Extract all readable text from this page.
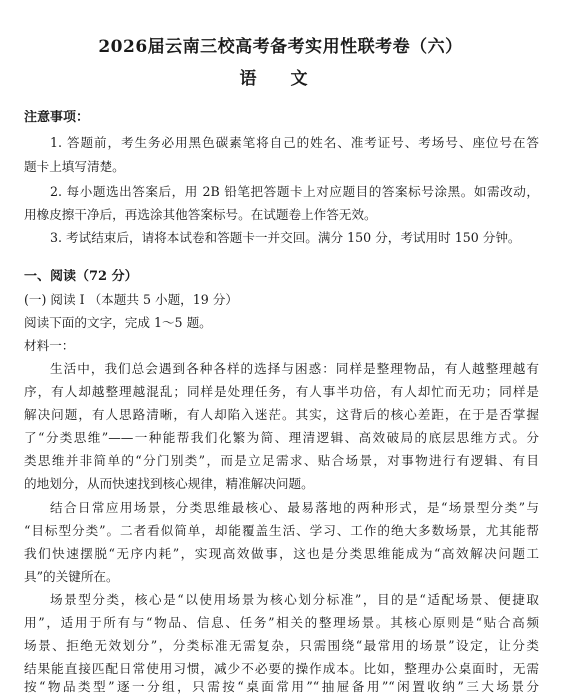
2026届云南三校高考备考实用性联考卷（六）
语 文
注意事项：
1. 答题前，考生务必用黑色碳素笔将自己的姓名、准考证号、考场号、座位号在答
题卡上填写清楚。
2. 每小题选出答案后，用 2B 铅笔把答题卡上对应题目的答案标号涂黑。如需改动，
用橡皮擦干净后，再选涂其他答案标号。在试题卷上作答无效。
3. 考试结束后，请将本试卷和答题卡一并交回。满分 150 分，考试用时 150 分钟。
一、阅读（72 分）
(一) 阅读 I （本题共 5 小题，19 分）
阅读下面的文字，完成 1～5 题。
材料一：
生活中，我们总会遇到各种各样的选择与困惑：同样是整理物品，有人越整理越有
序，有人却越整理越混乱；同样是处理任务，有人事半功倍，有人却忙而无功；同样是
解决问题，有人思路清晰，有人却陷入迷茫。其实，这背后的核心差距，在于是否掌握
了“分类思维”——一种能帮我们化繁为简、理清逻辑、高效破局的底层思维方式。分
类思维并非简单的“分门别类”，而是立足需求、贴合场景，对事物进行有逻辑、有目
的地划分，从而快速找到核心规律，精准解决问题。
结合日常应用场景，分类思维最核心、最易落地的两种形式，是“场景型分类”与
“目标型分类”。二者看似简单，却能覆盖生活、学习、工作的绝大多数场景，尤其能帮
我们快速摆脱“无序内耗”，实现高效做事，这也是分类思维能成为“高效解决问题工
具”的关键所在。
场景型分类，核心是“以使用场景为核心划分标准”，目的是“适配场景、便捷取
用”，适用于所有与“物品、信息、任务”相关的整理场景。其核心原则是“贴合高频
场景、拒绝无效划分”，分类标准无需复杂，只需围绕“最常用的场景”设定，让分类
结果能直接匹配日常使用习惯，减少不必要的操作成本。比如，整理办公桌面时，无需
按“物品类型”逐一分组，只需按“桌面常用”“抽屉备用”“闲置收纳”三大场景分
